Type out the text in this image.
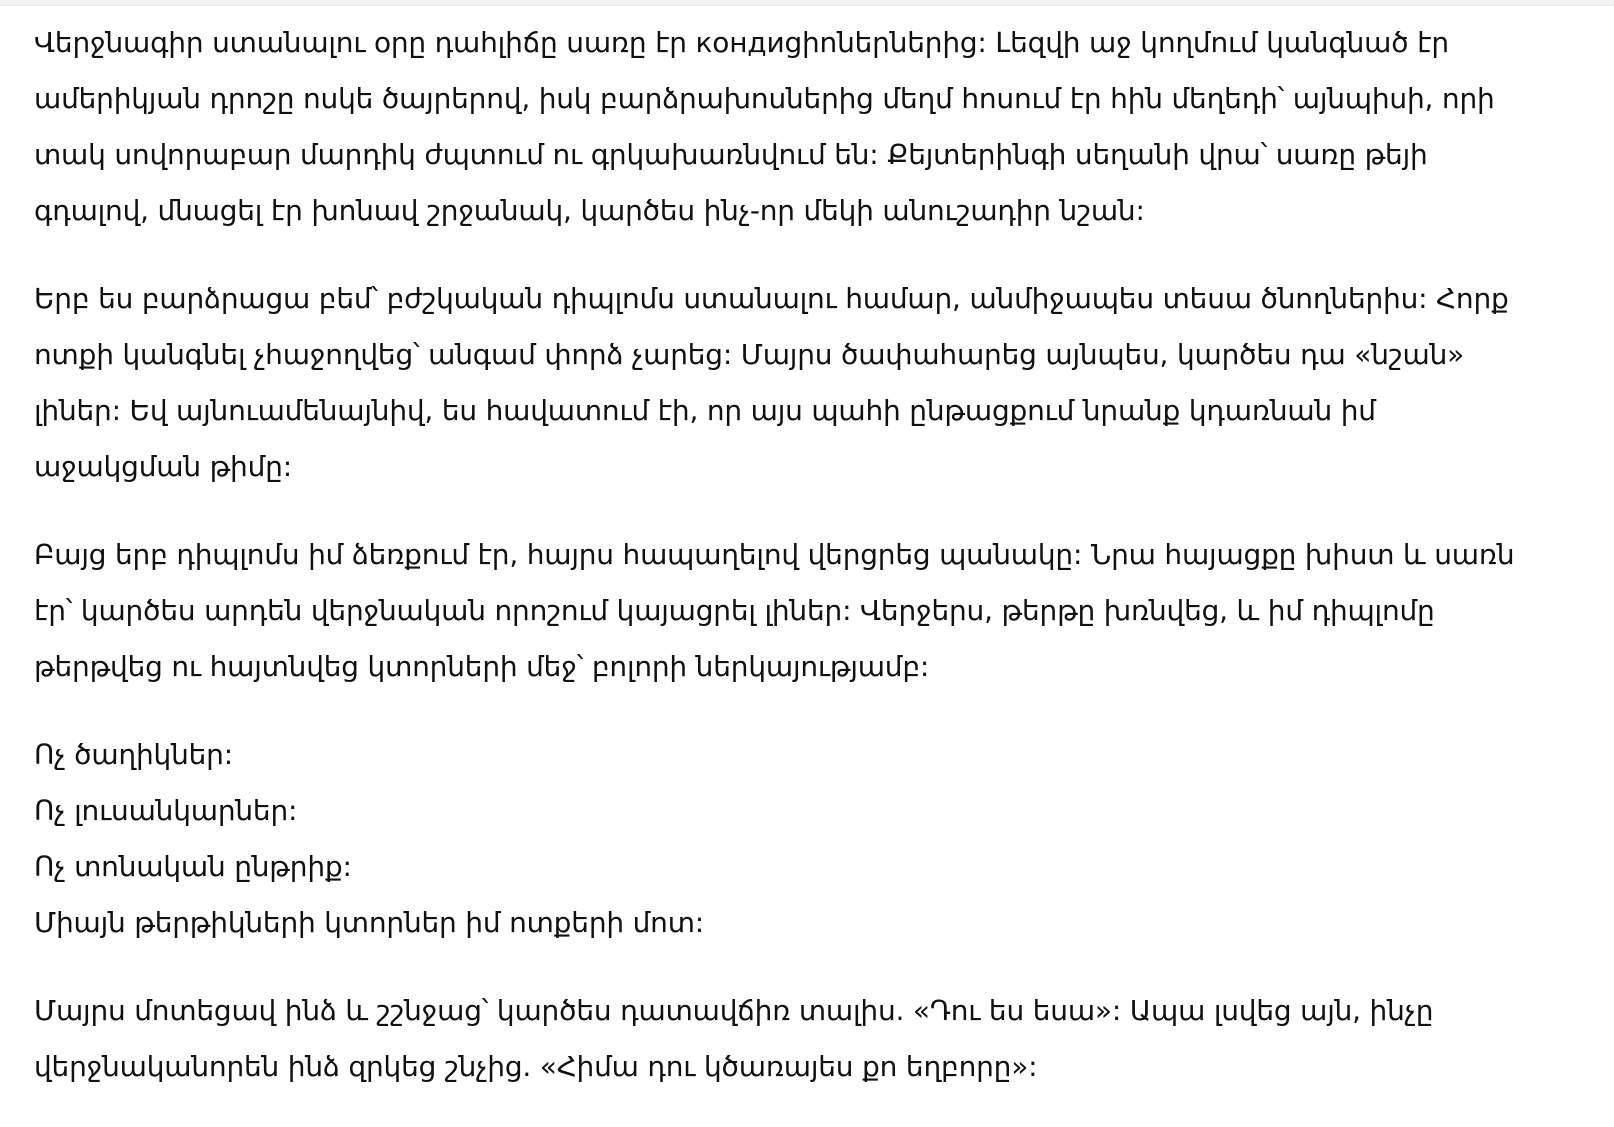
Վերջնագիր ստանալու օրը դահլիճը սառը էր кондиցիոներներից: Լեզվի աջ կողմում կանգնած էր
ամերիկյան դրոշը ոսկե ծայրերով, իսկ բարձրախոսներից մեղմ հոսում էր հին մեղեդի՝ այնպիսի, որի
տակ սովորաբար մարդիկ ժպտում ու գրկախառնվում են: Քեյտերինգի սեղանի վրա՝ սառը թեյի
գդալով, մնացել էր խոնավ շրջանակ, կարծես ինչ-որ մեկի անուշադիր նշան:

Երբ ես բարձրացա բեմ՝ բժշկական դիպլոմս ստանալու համար, անմիջապես տեսա ծնողներիս: Հորք
ոտքի կանգնել չհաջողվեց՝ անգամ փորձ չարեց: Մայրս ծափահարեց այնպես, կարծես դա «նշան»
լիներ: Եվ այնուամենայնիվ, ես հավատում էի, որ այս պահի ընթացքում նրանք կդառնան իմ
աջակցման թիմը:

Բայց երբ դիպլոմս իմ ձեռքում էր, հայրս հապաղելով վերցրեց պանակը: Նրա հայացքը խիստ և սառն
էր՝ կարծես արդեն վերջնական որոշում կայացրել լիներ: Վերջերս, թերթը խռնվեց, և իմ դիպլոմը
թերթվեց ու հայտնվեց կտորների մեջ՝ բոլորի ներկայությամբ:

Ոչ ծաղիկներ:
Ոչ լուսանկարներ:
Ոչ տոնական ընթրիք:
Միայն թերթիկների կտորներ իմ ոտքերի մոտ:

Մայրս մոտեցավ ինձ և շշնջաց՝ կարծես դատավճիռ տալիս. «Դու ես եսա»: Ապա լսվեց այն, ինչը
վերջնականորեն ինձ զրկեց շնչից. «Հիմա դու կծառայես քո եղբորը»:
